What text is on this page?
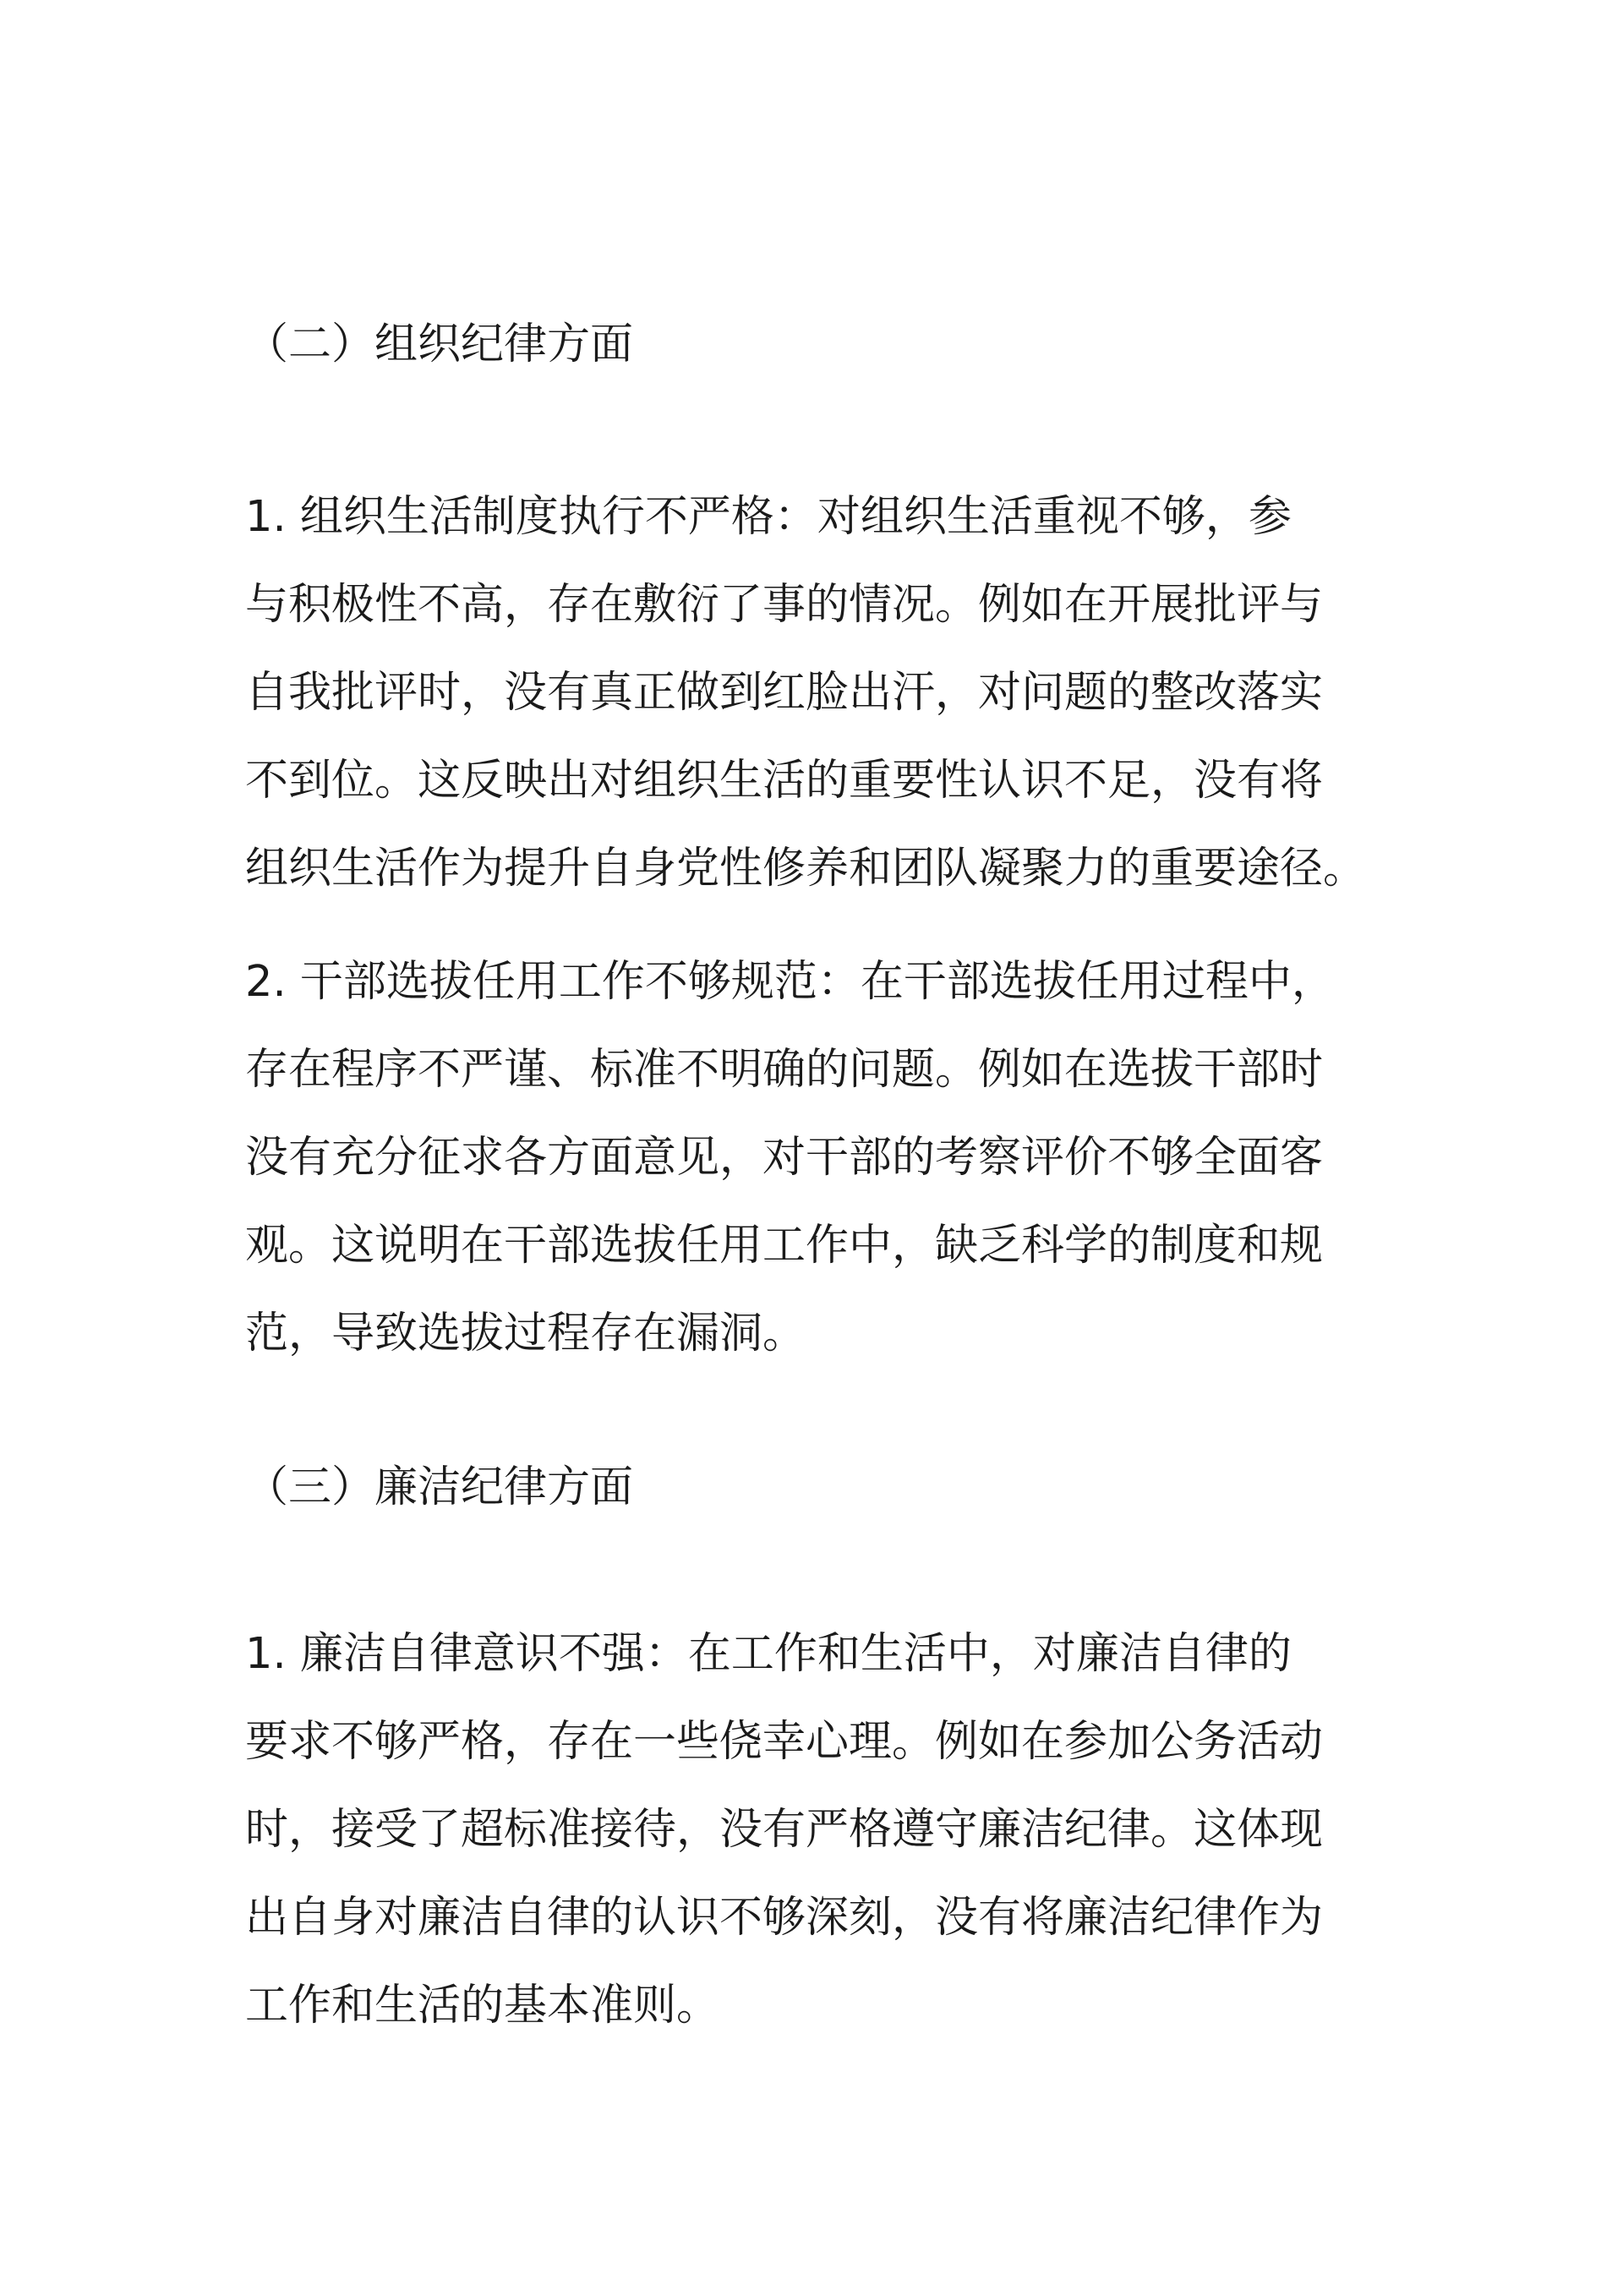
（二）组织纪律方面
1. 组织生活制度执行不严格：对组织生活重视不够，参
与积极性不高，存在敷衍了事的情况。例如在开展批评与
自我批评时，没有真正做到红脸出汗，对问题的整改落实
不到位。这反映出对组织生活的重要性认识不足，没有将
组织生活作为提升自身党性修养和团队凝聚力的重要途径。
2. 干部选拔任用工作不够规范：在干部选拔任用过程中，
存在程序不严谨、标准不明确的问题。例如在选拔干部时
没有充分征求各方面意见，对干部的考察评价不够全面客
观。这说明在干部选拔任用工作中，缺乏科学的制度和规
范，导致选拔过程存在漏洞。
（三）廉洁纪律方面
1. 廉洁自律意识不强：在工作和生活中，对廉洁自律的
要求不够严格，存在一些侥幸心理。例如在参加公务活动
时，接受了超标准接待，没有严格遵守廉洁纪律。这体现
出自身对廉洁自律的认识不够深刻，没有将廉洁纪律作为
工作和生活的基本准则。
